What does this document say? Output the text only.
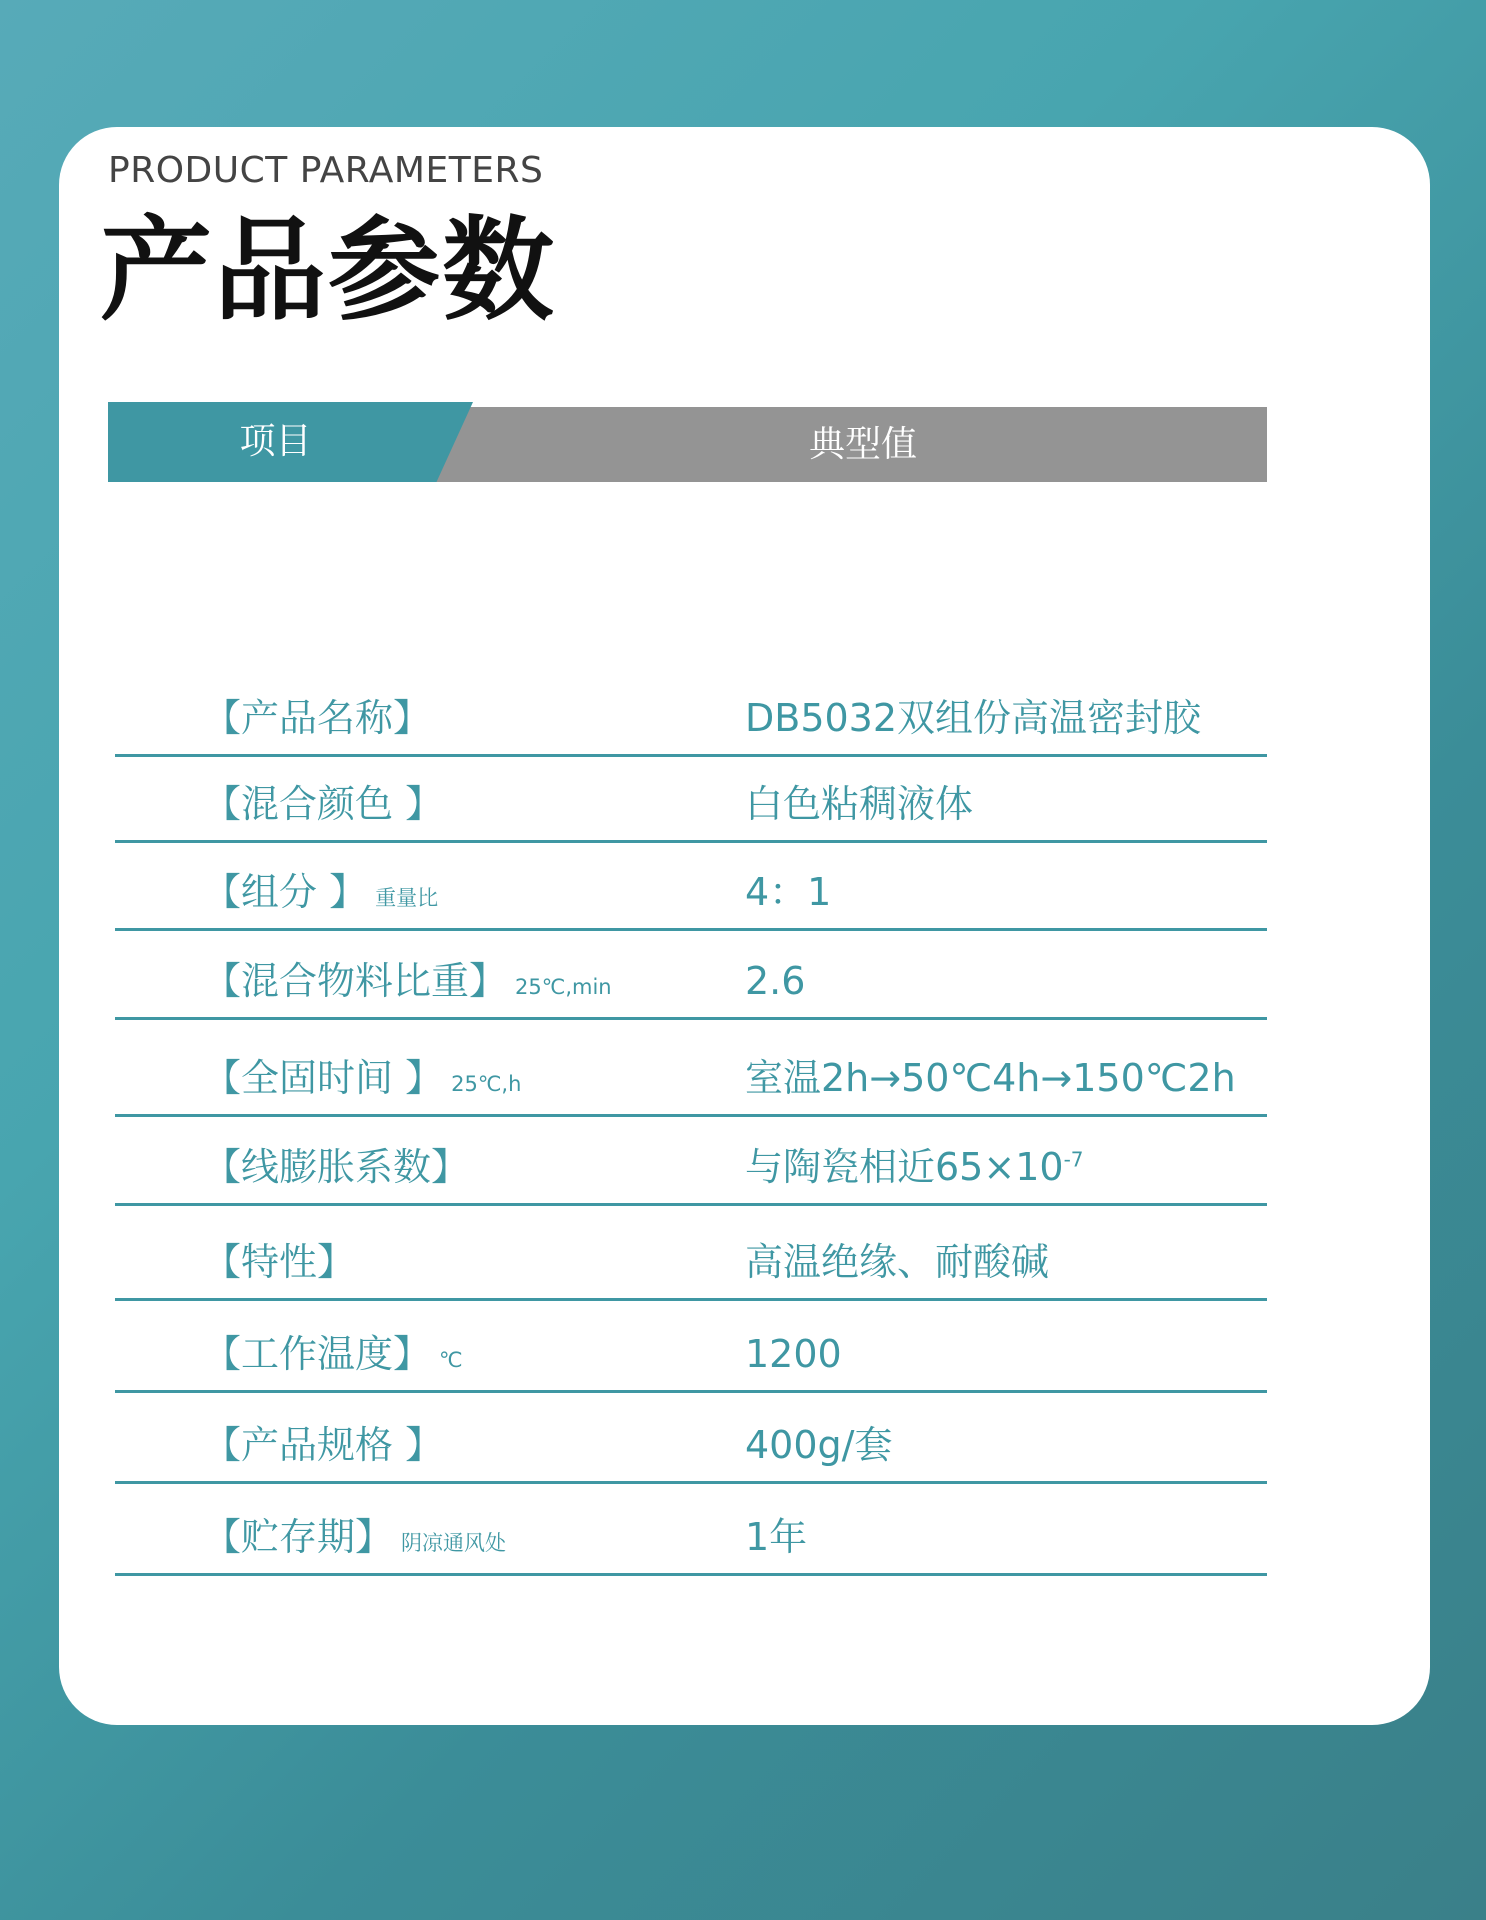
PRODUCT PARAMETERS
产品参数
项目	典型值
【产品名称】	DB5032双组份高温密封胶
【混合颜色 】	白色粘稠液体
【组分 】 重量比	4：1
【混合物料比重】 25℃,min	2.6
【全固时间 】 25℃,h	室温2h→50℃4h→150℃2h
【线膨胀系数】	与陶瓷相近$65\times 10^{-7}$
【特性】	高温绝缘、耐酸碱
【工作温度】 ℃	1200
【产品规格 】	400g/套
【贮存期】 阴凉通风处	1年
